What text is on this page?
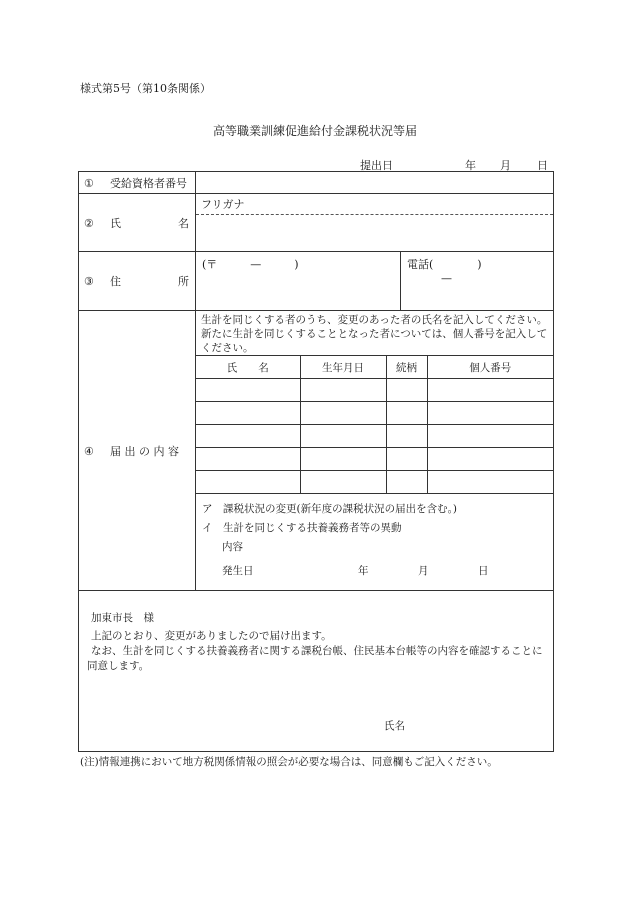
様式第5号（第10条関係）
高等職業訓練促進給付金課税状況等届
提出日	年 月 日
① 受給資格者番号	

② 氏	名

フリガナ

③ 住	所

(〒　　　—　　　)	電話(　　　　)
—

④ 届 出 の 内 容	
生計を同じくする者のうち、変更のあった者の氏名を記入してください。新たに生計を同じくすることとなった者については、個人番号を記入してください。
氏　　名	生年月日	続柄	個人番号

ア　課税状況の変更(新年度の課税状況の届出を含む。)
イ　生計を同じくする扶養義務者等の異動
内容
発生日	年	月	日

加東市長　様
上記のとおり、変更がありましたので届け出ます。
なお、生計を同じくする扶養義務者に関する課税台帳、住民基本台帳等の内容を確認することに同意します。
氏名
(注)情報連携において地方税関係情報の照会が必要な場合は、同意欄もご記入ください。
